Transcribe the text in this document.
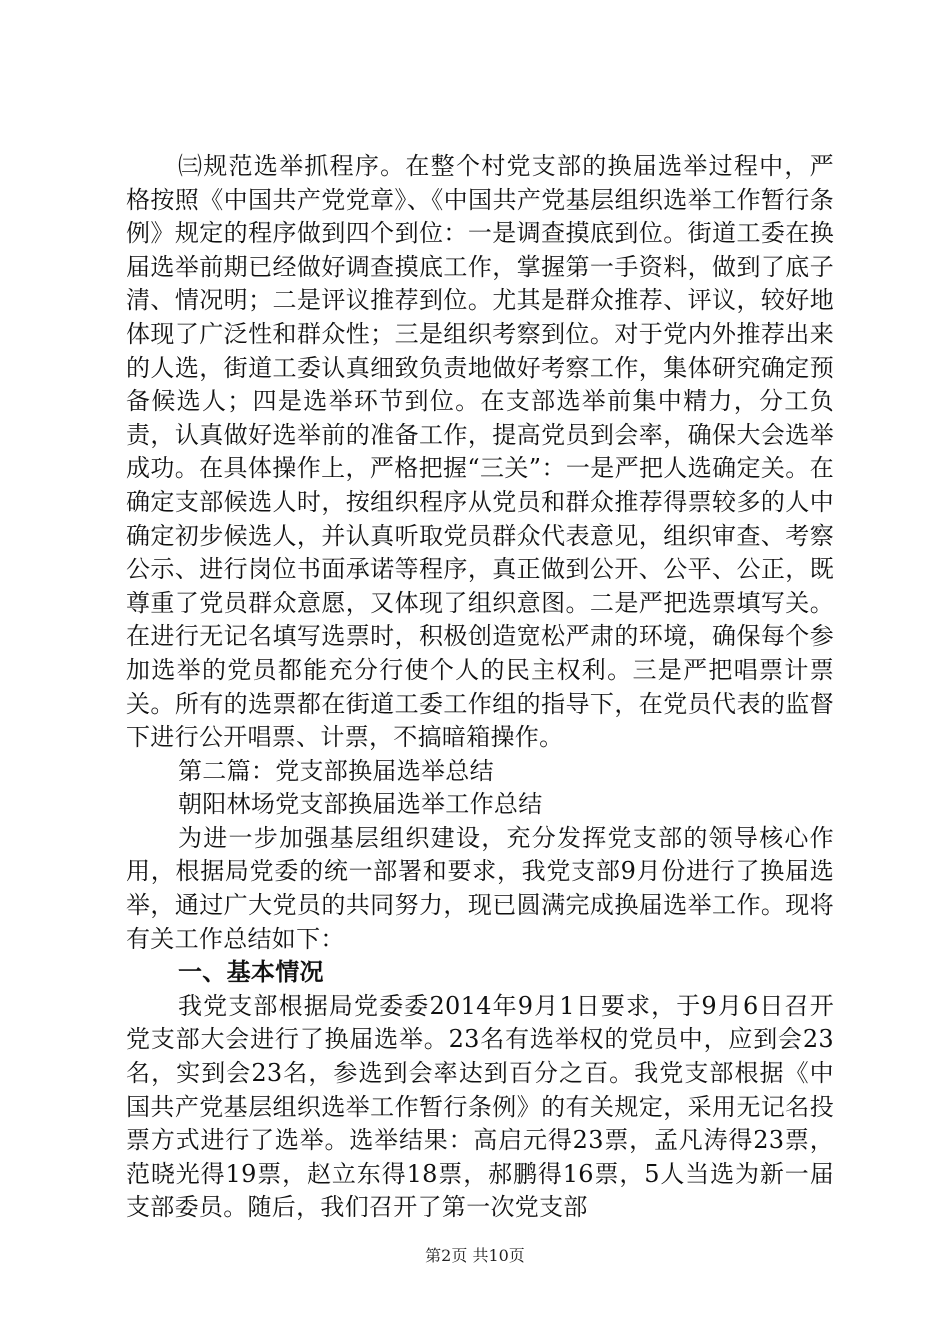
㈢规范选举抓程序。在整个村党支部的换届选举过程中，严格按照《中国共产党党章》、《中国共产党基层组织选举工作暂行条例》规定的程序做到四个到位：一是调查摸底到位。街道工委在换届选举前期已经做好调查摸底工作，掌握第一手资料，做到了底子清、情况明；二是评议推荐到位。尤其是群众推荐、评议，较好地体现了广泛性和群众性；三是组织考察到位。对于党内外推荐出来的人选，街道工委认真细致负责地做好考察工作，集体研究确定预备候选人；四是选举环节到位。在支部选举前集中精力，分工负责，认真做好选举前的准备工作，提高党员到会率，确保大会选举成功。在具体操作上，严格把握“三关”：一是严把人选确定关。在确定支部候选人时，按组织程序从党员和群众推荐得票较多的人中确定初步候选人，并认真听取党员群众代表意见，组织审查、考察公示、进行岗位书面承诺等程序，真正做到公开、公平、公正，既尊重了党员群众意愿，又体现了组织意图。二是严把选票填写关。在进行无记名填写选票时，积极创造宽松严肃的环境，确保每个参加选举的党员都能充分行使个人的民主权利。三是严把唱票计票关。所有的选票都在街道工委工作组的指导下，在党员代表的监督下进行公开唱票、计票，不搞暗箱操作。

第二篇：党支部换届选举总结

朝阳林场党支部换届选举工作总结

为进一步加强基层组织建设，充分发挥党支部的领导核心作用，根据局党委的统一部署和要求，我党支部9月份进行了换届选举，通过广大党员的共同努力，现已圆满完成换届选举工作。现将有关工作总结如下：

一、基本情况

我党支部根据局党委委2014年9月1日要求，于9月6日召开党支部大会进行了换届选举。23名有选举权的党员中，应到会23名，实到会23名，参选到会率达到百分之百。我党支部根据《中国共产党基层组织选举工作暂行条例》的有关规定，采用无记名投票方式进行了选举。选举结果：高启元得23票，孟凡涛得23票，范晓光得19票，赵立东得18票，郝鹏得16票，5人当选为新一届支部委员。随后，我们召开了第一次党支部

第2页 共10页
